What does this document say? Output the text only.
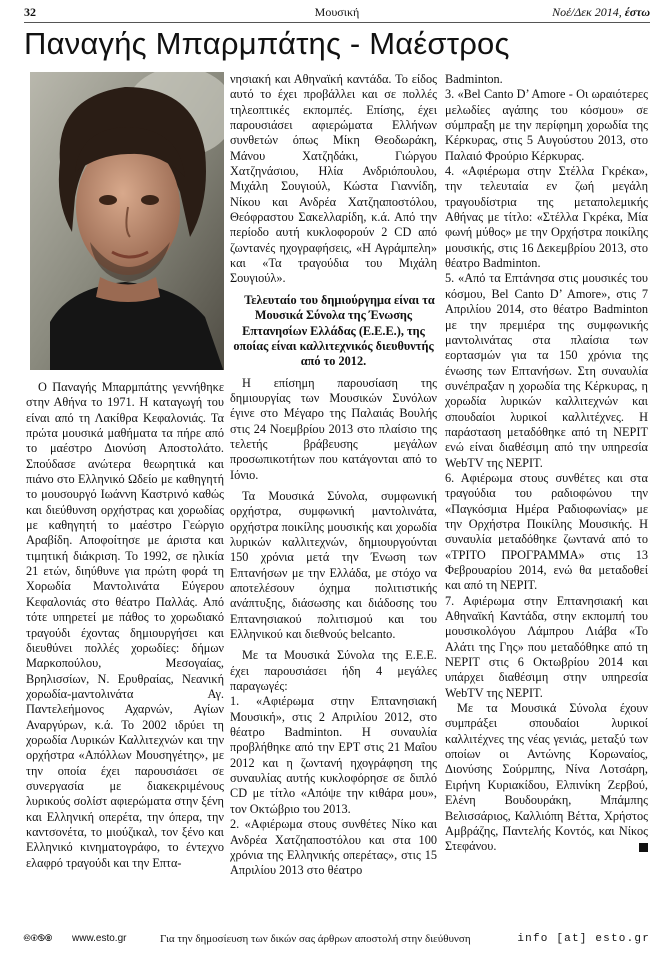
32	Μουσική	Νοέ/Δεκ 2014, έστω
Παναγής Μπαρμπάτης - Μαέστρος

Ο Παναγής Μπαρμπάτης γεννήθηκε στην Αθήνα το 1971. Η καταγωγή του είναι από τη Λακίθρα Κεφαλονιάς. Τα πρώτα μουσικά μαθήματα τα πήρε από το μαέστρο Διονύση Αποστολάτο. Σπούδασε ανώτερα θεωρητικά και πιάνο στο Ελληνικό Ωδείο με καθηγητή το μουσουργό Ιωάννη Καστρινό καθώς και διεύθυνση ορχήστρας και χορωδίας με καθηγητή το μαέστρο Γεώργιο Αραβίδη. Αποφοίτησε με άριστα και τιμητική διάκριση. Το 1992, σε ηλικία 21 ετών, διηύθυνε για πρώτη φορά τη Χορωδία Μαντολινάτα Εύγερου Κεφαλονιάς στο θέατρο Παλλάς. Από τότε υπηρετεί με πάθος το χορωδιακό τραγούδι έχοντας δημιουργήσει και διευθύνει πολλές χορωδίες: δήμων Μαρκοπούλου, Μεσογαίας, Βρηλισσίων, Ν. Ερυθραίας, Νεανική χορωδία-μαντολινάτα Αγ. Παντελεήμονος Αχαρνών, Αγίων Αναργύρων, κ.ά. Το 2002 ιδρύει τη χορωδία Λυρικών Καλλιτεχνών και την ορχήστρα «Απόλλων Μουσηγέτης», με την οποία έχει παρουσιάσει σε συνεργασία με διακεκριμένους λυρικούς σολίστ αφιερώματα στην ξένη και Ελληνική οπερέτα, την όπερα, την καντσονέτα, το μιούζικαλ, τον ξένο και Ελληνικό κινηματογράφο, το έντεχνο ελαφρό τραγούδι και την Επτα-

νησιακή και Αθηναϊκή καντάδα. Το είδος αυτό το έχει προβάλλει και σε πολλές τηλεοπτικές εκπομπές. Επίσης, έχει παρουσιάσει αφιερώματα Ελλήνων συνθετών όπως Μίκη Θεοδωράκη, Μάνου Χατζηδάκι, Γιώργου Χατζηνάσιου, Ηλία Ανδριόπουλου, Μιχάλη Σουγιούλ, Κώστα Γιαννίδη, Νίκου και Ανδρέα Χατζηαποστόλου, Θεόφραστου Σακελλαρίδη, κ.ά. Από την περίοδο αυτή κυκλοφορούν 2 CD από ζωντανές ηχογραφήσεις, «Η Αγράμπελη» και «Τα τραγούδια του Μιχάλη Σουγιούλ».

Τελευταίο του δημιούργημα είναι τα Μουσικά Σύνολα της Ένωσης Επτανησίων Ελλάδας (Ε.Ε.Ε.), της οποίας είναι καλλιτεχνικός διευθυντής από το 2012.

Η επίσημη παρουσίαση της δημιουργίας των Μουσικών Συνόλων έγινε στο Μέγαρο της Παλαιάς Βουλής στις 24 Νοεμβρίου 2013 στο πλαίσιο της τελετής βράβευσης μεγάλων προσωπικοτήτων που κατάγονται από το Ιόνιο.

Τα Μουσικά Σύνολα, συμφωνική ορχήστρα, συμφωνική μαντολινάτα, ορχήστρα ποικίλης μουσικής και χορωδία λυρικών καλλιτεχνών, δημιουργούνται 150 χρόνια μετά την Ένωση των Επτανήσων με την Ελλάδα, με στόχο να αποτελέσουν όχημα πολιτιστικής ανάπτυξης, διάσωσης και διάδοσης του Επτανησιακού πολιτισμού και του Ελληνικού και διεθνούς belcanto.

Με τα Μουσικά Σύνολα της Ε.Ε.Ε. έχει παρουσιάσει ήδη 4 μεγάλες παραγωγές:

1. «Αφιέρωμα στην Επτανησιακή Μουσική», στις 2 Απριλίου 2012, στο θέατρο Badminton. Η συναυλία προβλήθηκε από την ΕΡΤ στις 21 Μαΐου 2012 και η ζωντανή ηχογράφηση της συναυλίας αυτής κυκλοφόρησε σε διπλό CD με τίτλο «Απόψε την κιθάρα μου», τον Οκτώβριο του 2013.

2. «Αφιέρωμα στους συνθέτες Νίκο και Ανδρέα Χατζηαποστόλου και στα 100 χρόνια της Ελληνικής οπερέτας», στις 15 Απριλίου 2013 στο θέατρο

Badminton.

3. «Bel Canto D’ Amore - Οι ωραιότερες μελωδίες αγάπης του κόσμου» σε σύμπραξη με την περίφημη χορωδία της Κέρκυρας, στις 5 Αυγούστου 2013, στο Παλαιό Φρούριο Κέρκυρας.

4. «Αφιέρωμα στην Στέλλα Γκρέκα», την τελευταία εν ζωή μεγάλη τραγουδίστρια της μεταπολεμικής Αθήνας με τίτλο: «Στέλλα Γκρέκα, Μία φωνή μύθος» με την Ορχήστρα ποικίλης μουσικής, στις 16 Δεκεμβρίου 2013, στο θέατρο Badminton.

5. «Από τα Επτάνησα στις μουσικές του κόσμου, Bel Canto D’ Amore», στις 7 Απριλίου 2014, στο θέατρο Badminton με την πρεμιέρα της συμφωνικής μαντολινάτας στα πλαίσια των εορτασμών για τα 150 χρόνια της ένωσης των Επτανήσων. Στη συναυλία συνέπραξαν η χορωδία της Κέρκυρας, η χορωδία λυρικών καλλιτεχνών και σπουδαίοι λυρικοί καλλιτέχνες. Η παράσταση μεταδόθηκε από τη ΝΕΡΙΤ ενώ είναι διαθέσιμη από την υπηρεσία WebTV της ΝΕΡΙΤ.

6. Αφιέρωμα στους συνθέτες και στα τραγούδια του ραδιοφώνου την «Παγκόσμια Ημέρα Ραδιοφωνίας» με την Ορχήστρα Ποικίλης Μουσικής. Η συναυλία μεταδόθηκε ζωντανά από το «ΤΡΙΤΟ ΠΡΟΓΡΑΜΜΑ» στις 13 Φεβρουαρίου 2014, ενώ θα μεταδοθεί και από τη ΝΕΡΙΤ.

7. Αφιέρωμα στην Επτανησιακή και Αθηναϊκή Καντάδα, στην εκπομπή του μουσικολόγου Λάμπρου Λιάβα «Το Αλάτι της Γης» που μεταδόθηκε από τη ΝΕΡΙΤ στις 6 Οκτωβρίου 2014 και υπάρχει διαθέσιμη στην υπηρεσία WebTV της ΝΕΡΙΤ.

Με τα Μουσικά Σύνολα έχουν συμπράξει σπουδαίοι λυρικοί καλλιτέχνες της νέας γενιάς, μεταξύ των οποίων οι Αντώνης Κορωναίος, Διονύσης Σούρμπης, Νίνα Λοτσάρη, Ειρήνη Κυριακίδου, Ελπινίκη Ζερβού, Ελένη Βουδουράκη, Μπάμπης Βελισσάριος, Καλλιόπη Βέττα, Χρήστος Αμβράζης, Παντελής Κοντός, και Νίκος Στεφάνου.

🅭🅯🄏🄍 www.esto.gr	Για την δημοσίευση των δικών σας άρθρων αποστολή στην διεύθυνση	info [at] esto.gr
